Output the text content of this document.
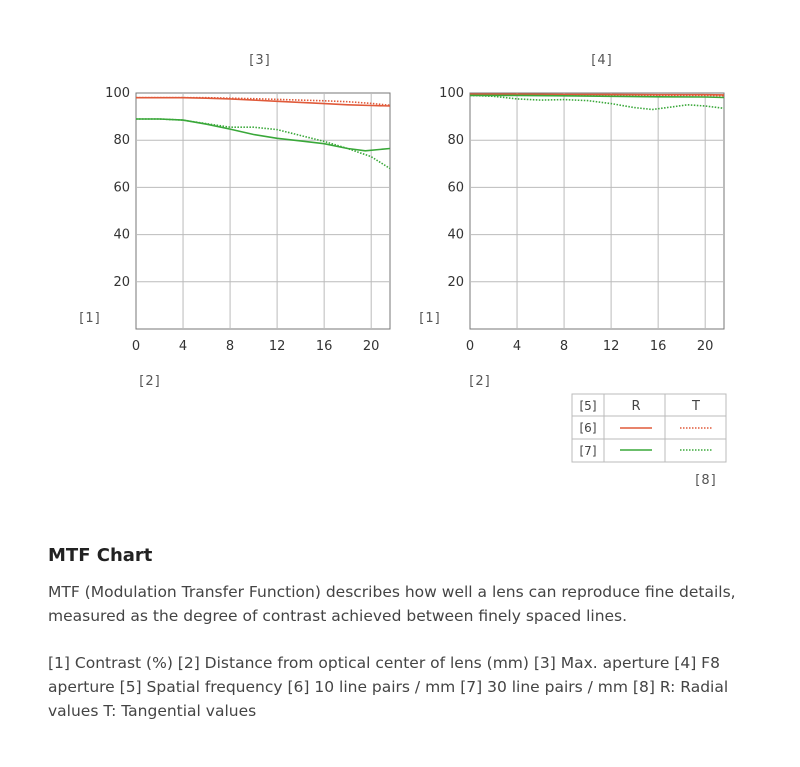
[3]
[1]
[2]
20
40
60
80
100
0	4	8	12 16 20
[4]
[1]
[2]
20
40
60
80
100
0	4	8	12 16 20
[5]	R	T
[6]
[7]
[8]
MTF Chart
MTF (Modulation Transfer Function) describes how well a lens can reproduce fine details, measured as the degree of contrast achieved between finely spaced lines.
[1] Contrast (%) [2] Distance from optical center of lens (mm) [3] Max. aperture [4] F8 aperture [5] Spatial frequency [6] 10 line pairs / mm [7] 30 line pairs / mm [8] R: Radial values T: Tangential values
